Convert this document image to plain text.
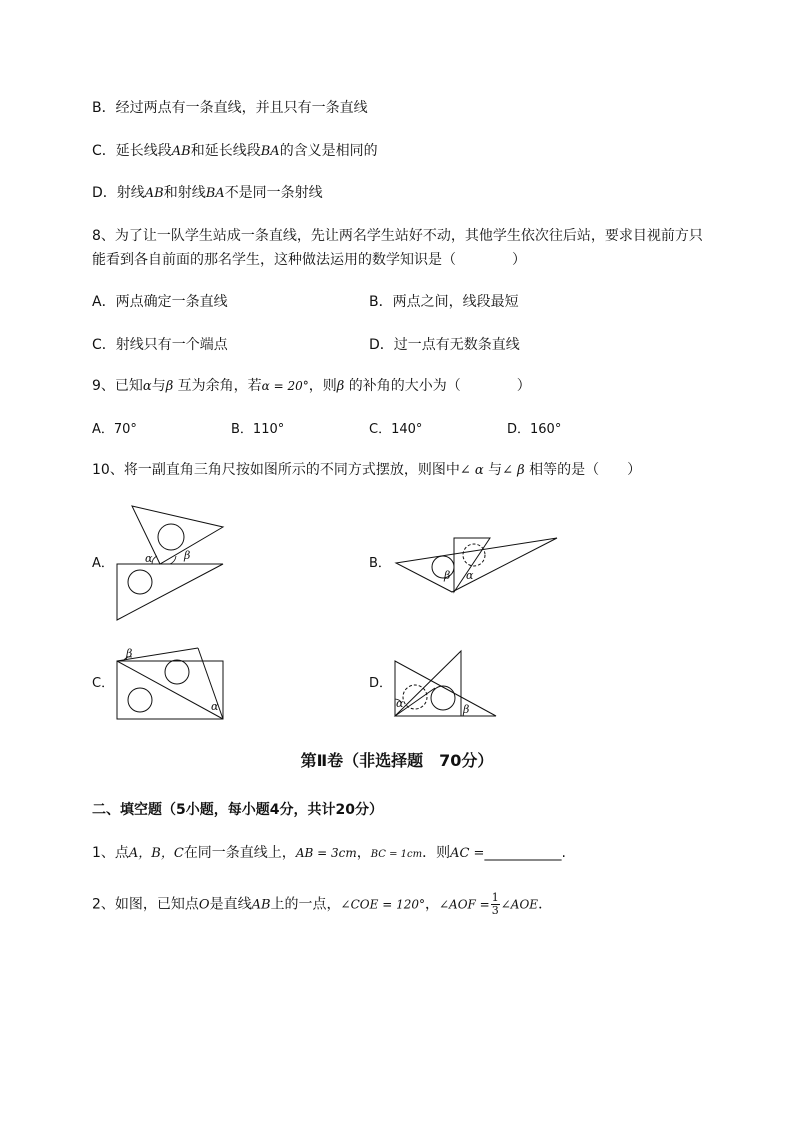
B．经过两点有一条直线，并且只有一条直线
C．延长线段AB和延长线段BA的含义是相同的
D．射线AB和射线BA不是同一条射线
8、为了让一队学生站成一条直线，先让两名学生站好不动，其他学生依次往后站，要求目视前方只
能看到各自前面的那名学生，这种做法运用的数学知识是（　　　　）
A．两点确定一条直线	B．两点之间，线段最短
C．射线只有一个端点	D．过一点有无数条直线
9、已知α与β 互为余角，若α = 20°，则β 的补角的大小为（　　　　）
A．70°	B．110°	C．140°	D．160°
10、将一副直角三角尺按如图所示的不同方式摆放，则图中∠ α 与∠ β 相等的是（　　）
A．	B．
C．	D．
α	β
β α
β
α	α	β
第Ⅱ卷（非选择题　70分）
二、填空题（5小题，每小题4分，共计20分）
1、点A，B，C在同一条直线上，AB = 3cm，BC = 1cm．则AC =___________.
2、如图，已知点O是直线AB上的一点，∠COE = 120°，∠AOF = $\frac{1}{3}$ ∠AOE．
